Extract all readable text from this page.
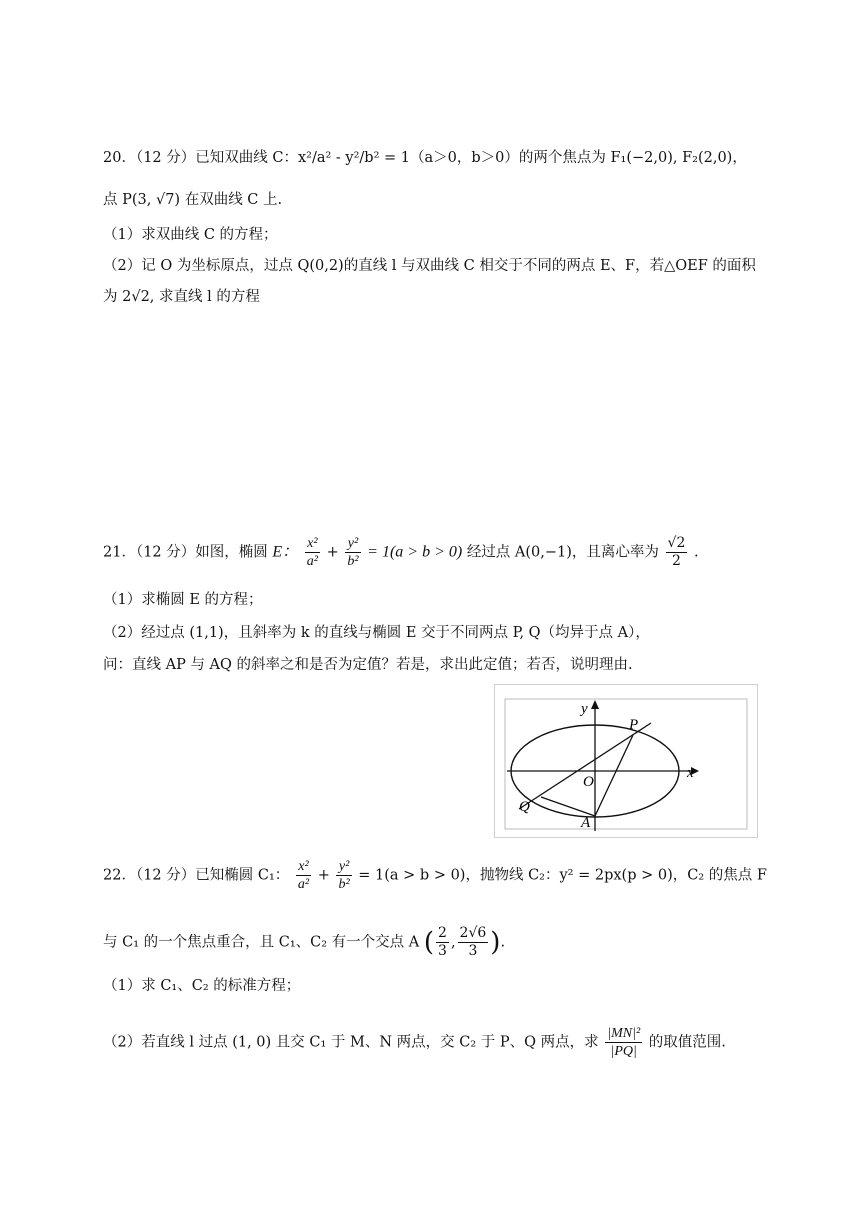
20．（12 分）已知双曲线 C：x²/a² - y²/b² = 1（a＞0，b＞0）的两个焦点为 F₁(−2,0), F₂(2,0)，
点 P(3, √7) 在双曲线 C 上.
（1）求双曲线 C 的方程；
（2）记 O 为坐标原点，过点 Q(0,2)的直线 l 与双曲线 C 相交于不同的两点 E、F，若△OEF 的面积
为 2√2, 求直线 l 的方程
21．（12 分）如图，椭圆 E： $\frac{\text{x²}}{\text{a²}} + \frac{\text{y²}}{\text{b²}} = 1(a > b > 0)$ 经过点 A(0,−1)，且离心率为 $\frac{√2}{2}$ .
（1）求椭圆 E 的方程；
（2）经过点 (1,1)，且斜率为 k 的直线与椭圆 E 交于不同两点 P, Q（均异于点 A），
问：直线 AP 与 AQ 的斜率之和是否为定值？若是，求出此定值；若否，说明理由.
y
x
P
O
Q
A
22．（12 分）已知椭圆 C₁： $\frac{\text{x²}}{\text{a²}} + \frac{\text{y²}}{\text{b²}} = 1(a > b > 0)$，抛物线 C₂：y² = 2px(p > 0)，C₂ 的焦点 F
与 C₁ 的一个焦点重合，且 C₁、C₂ 有一个交点 A ( $\frac{2}{3}$ , $\frac{2√6}{3}$ ).
（1）求 C₁、C₂ 的标准方程；
（2）若直线 l 过点 (1, 0) 且交 C₁ 于 M、N 两点，交 C₂ 于 P、Q 两点，求 $\frac{\text{|MN|²}}{|PQ|}$ 的取值范围.
